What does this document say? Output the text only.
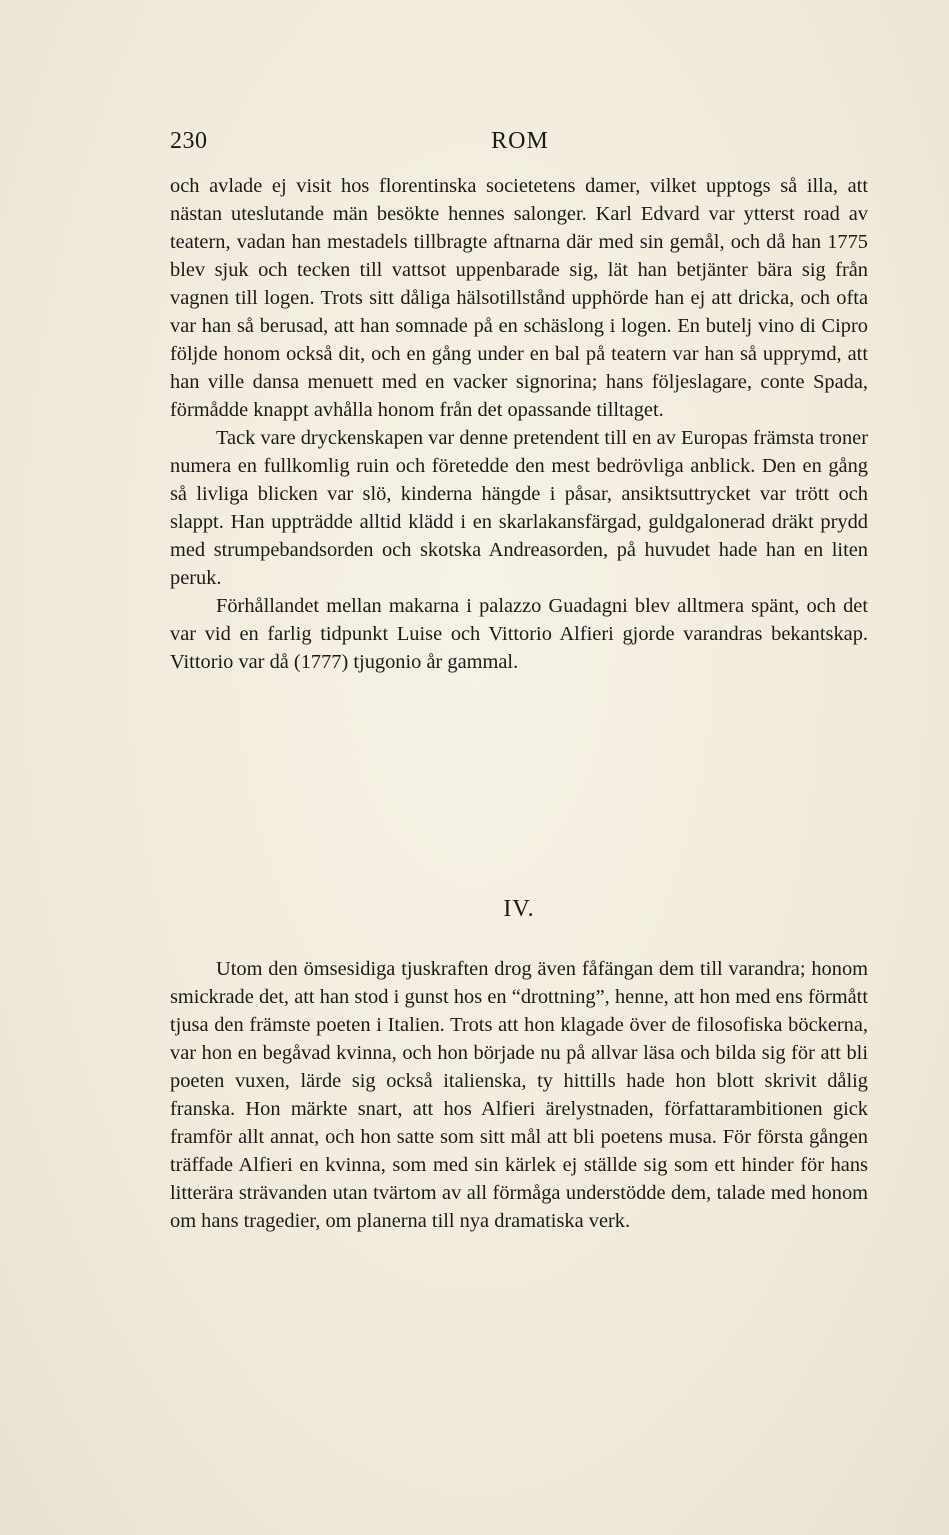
230	ROM

och avlade ej visit hos florentinska societetens damer, vilket upptogs så illa, att nästan uteslutande män besökte hennes salonger. Karl Edvard var ytterst road av teatern, vadan han mestadels tillbragte aftnarna där med sin gemål, och då han 1775 blev sjuk och tecken till vattsot uppenbarade sig, lät han betjänter bära sig från vagnen till logen. Trots sitt dåliga hälsotillstånd upphörde han ej att dricka, och ofta var han så berusad, att han somnade på en schäslong i logen. En butelj vino di Cipro följde honom också dit, och en gång under en bal på teatern var han så upprymd, att han ville dansa menuett med en vacker signorina; hans följeslagare, conte Spada, förmådde knappt avhålla honom från det opassande tilltaget.

Tack vare dryckenskapen var denne pretendent till en av Europas främsta troner numera en fullkomlig ruin och företedde den mest bedrövliga anblick. Den en gång så livliga blicken var slö, kinderna hängde i påsar, ansiktsuttrycket var trött och slappt. Han uppträdde alltid klädd i en skarlakansfärgad, guldgalonerad dräkt prydd med strumpebandsorden och skotska Andreasorden, på huvudet hade han en liten peruk.

Förhållandet mellan makarna i palazzo Guadagni blev alltmera spänt, och det var vid en farlig tidpunkt Luise och Vittorio Alfieri gjorde varandras bekantskap. Vittorio var då (1777) tjugonio år gammal.

IV.

Utom den ömsesidiga tjuskraften drog även fåfängan dem till varandra; honom smickrade det, att han stod i gunst hos en “drottning”, henne, att hon med ens förmått tjusa den främste poeten i Italien. Trots att hon klagade över de filosofiska böckerna, var hon en begåvad kvinna, och hon började nu på allvar läsa och bilda sig för att bli poeten vuxen, lärde sig också italienska, ty hittills hade hon blott skrivit dålig franska. Hon märkte snart, att hos Alfieri ärelystnaden, författarambitionen gick framför allt annat, och hon satte som sitt mål att bli poetens musa. För första gången träffade Alfieri en kvinna, som med sin kärlek ej ställde sig som ett hinder för hans litterära strävanden utan tvärtom av all förmåga understödde dem, talade med honom om hans tragedier, om planerna till nya dramatiska verk.
